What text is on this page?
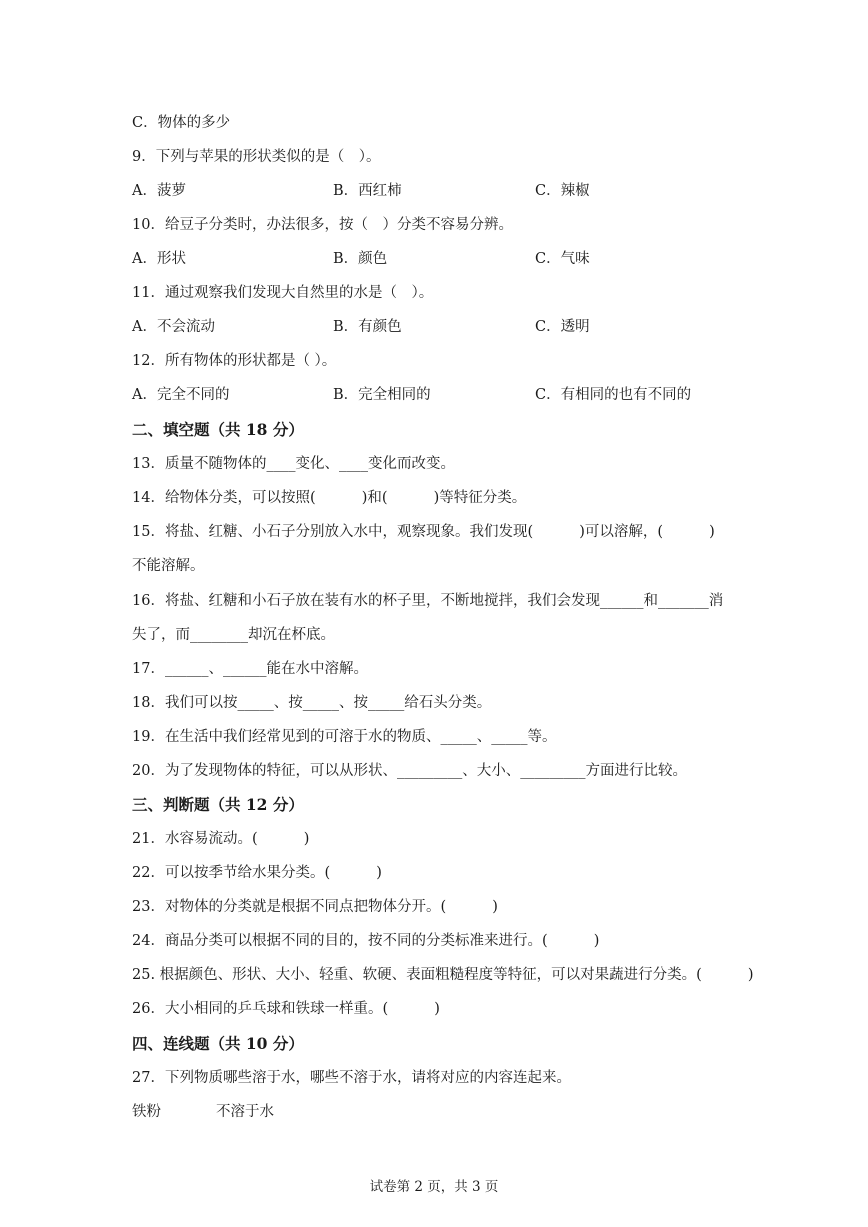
C．物体的多少
9．下列与苹果的形状类似的是（　）。
A．菠萝	B．西红柿	C．辣椒
10．给豆子分类时，办法很多，按（　）分类不容易分辨。
A．形状	B．颜色	C．气味
11．通过观察我们发现大自然里的水是（　）。
A．不会流动	B．有颜色	C．透明
12．所有物体的形状都是（ ）。
A．完全不同的	B．完全相同的	C．有相同的也有不同的
二、填空题（共 18 分）
13．质量不随物体的____变化、____变化而改变。
14．给物体分类，可以按照(          )和(          )等特征分类。
15．将盐、红糖、小石子分别放入水中，观察现象。我们发现(          )可以溶解，(          )
不能溶解。
16．将盐、红糖和小石子放在装有水的杯子里，不断地搅拌，我们会发现______和_______消
失了，而________却沉在杯底。
17．______、______能在水中溶解。
18．我们可以按_____、按_____、按_____给石头分类。
19．在生活中我们经常见到的可溶于水的物质、_____、_____等。
20．为了发现物体的特征，可以从形状、_________、大小、_________方面进行比较。
三、判断题（共 12 分）
21．水容易流动。(          )
22．可以按季节给水果分类。(          )
23．对物体的分类就是根据不同点把物体分开。(          )
24．商品分类可以根据不同的目的，按不同的分类标准来进行。(          )
25. 根据颜色、形状、大小、轻重、软硬、表面粗糙程度等特征，可以对果蔬进行分类。(          )
26．大小相同的乒乓球和铁球一样重。(          )
四、连线题（共 10 分）
27．下列物质哪些溶于水，哪些不溶于水，请将对应的内容连起来。
铁粉	不溶于水
试卷第 2 页，共 3 页
